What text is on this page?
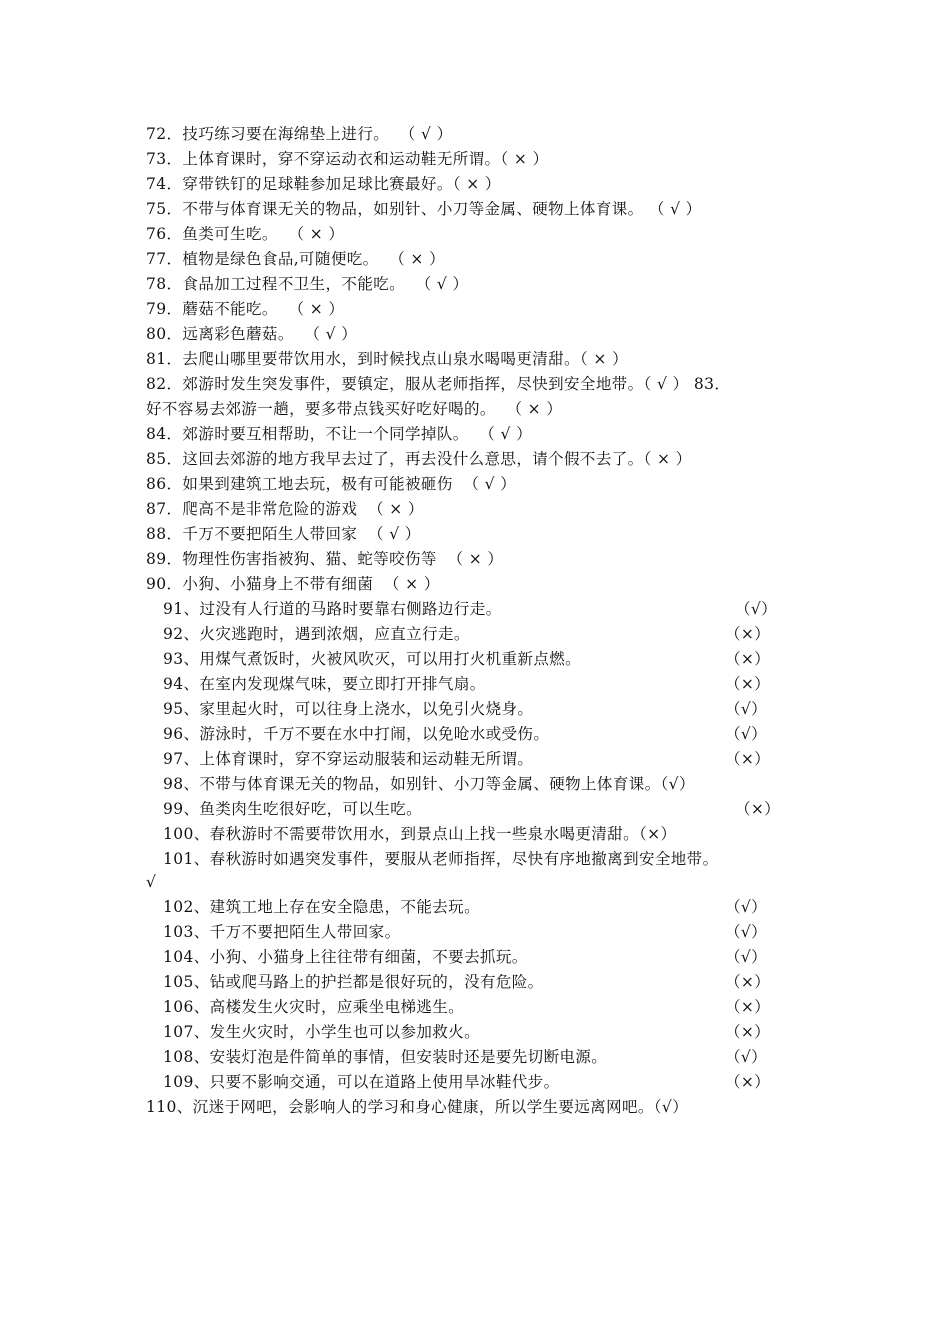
72．技巧练习要在海绵垫上进行。  （ √ ）
73．上体育课时，穿不穿运动衣和运动鞋无所谓。（ × ）
74．穿带铁钉的足球鞋参加足球比赛最好。（ × ）
75．不带与体育课无关的物品，如别针、小刀等金属、硬物上体育课。 （ √ ）
76．鱼类可生吃。  （ × ）
77．植物是绿色食品,可随便吃。  （ × ）
78．食品加工过程不卫生，不能吃。  （ √ ）
79．蘑菇不能吃。  （ × ）
80．远离彩色蘑菇。  （ √ ）
81．去爬山哪里要带饮用水，到时候找点山泉水喝喝更清甜。（ × ）
82．郊游时发生突发事件，要镇定，服从老师指挥，尽快到安全地带。（ √ ） 83．
好不容易去郊游一趟，要多带点钱买好吃好喝的。  （ × ）
84．郊游时要互相帮助，不让一个同学掉队。  （ √ ）
85．这回去郊游的地方我早去过了，再去没什么意思，请个假不去了。（ × ）
86．如果到建筑工地去玩，极有可能被砸伤  （ √ ）
87．爬高不是非常危险的游戏  （ × ）
88．千万不要把陌生人带回家  （ √ ）
89．物理性伤害指被狗、猫、蛇等咬伤等  （ × ）
90．小狗、小猫身上不带有细菌  （ × ）
91、过没有人行道的马路时要靠右侧路边行走。	（√）
92、火灾逃跑时，遇到浓烟，应直立行走。	（×）
93、用煤气煮饭时，火被风吹灭，可以用打火机重新点燃。	（×）
94、在室内发现煤气味，要立即打开排气扇。	（×）
95、家里起火时，可以往身上浇水，以免引火烧身。	（√）
96、游泳时，千万不要在水中打闹，以免呛水或受伤。	（√）
97、上体育课时，穿不穿运动服装和运动鞋无所谓。	（×）
98、不带与体育课无关的物品，如别针、小刀等金属、硬物上体育课。（√）
99、鱼类肉生吃很好吃，可以生吃。	（×）
100、春秋游时不需要带饮用水，到景点山上找一些泉水喝更清甜。（×）
101、春秋游时如遇突发事件，要服从老师指挥，尽快有序地撤离到安全地带。
√
102、建筑工地上存在安全隐患，不能去玩。	（√）
103、千万不要把陌生人带回家。	（√）
104、小狗、小猫身上往往带有细菌，不要去抓玩。	（√）
105、钻或爬马路上的护拦都是很好玩的，没有危险。	（×）
106、高楼发生火灾时，应乘坐电梯逃生。	（×）
107、发生火灾时，小学生也可以参加救火。	（×）
108、安装灯泡是件简单的事情，但安装时还是要先切断电源。	（√）
109、只要不影响交通，可以在道路上使用旱冰鞋代步。	（×）
110、沉迷于网吧，会影响人的学习和身心健康，所以学生要远离网吧。（√）
